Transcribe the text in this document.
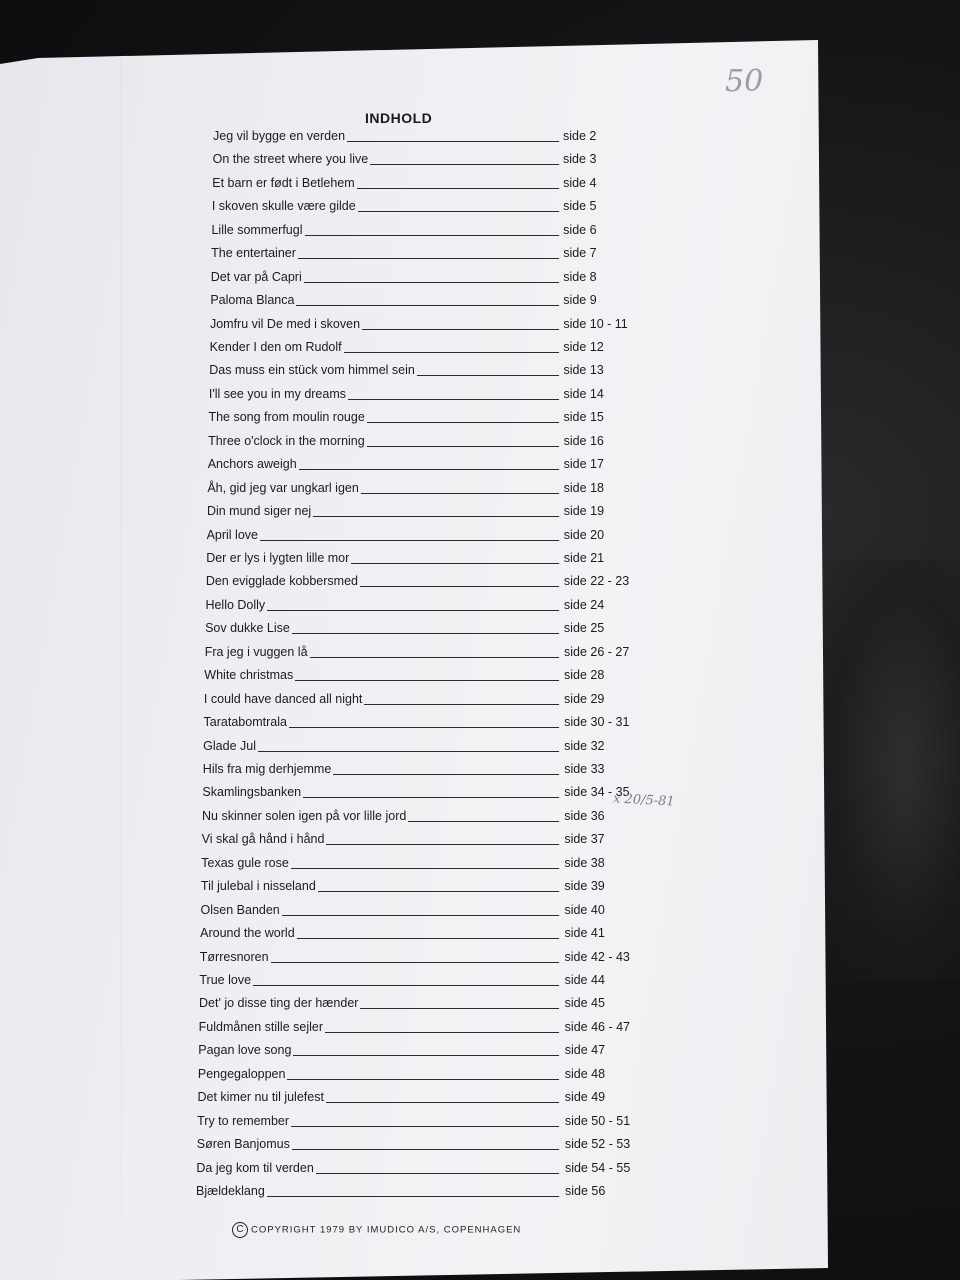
50
INDHOLD
Jeg vil bygge en verden	side 2
On the street where you live	side 3
Et barn er født i Betlehem	side 4
I skoven skulle være gilde	side 5
Lille sommerfugl	side 6
The entertainer	side 7
Det var på Capri	side 8
Paloma Blanca	side 9
Jomfru vil De med i skoven	side 10 - 11
Kender I den om Rudolf	side 12
Das muss ein stück vom himmel sein	side 13
I'll see you in my dreams	side 14
The song from moulin rouge	side 15
Three o'clock in the morning	side 16
Anchors aweigh	side 17
Åh, gid jeg var ungkarl igen	side 18
Din mund siger nej	side 19
April love	side 20
Der er lys i lygten lille mor	side 21
Den evigglade kobbersmed	side 22 - 23
Hello Dolly	side 24
Sov dukke Lise	side 25
Fra jeg i vuggen lå	side 26 - 27
White christmas	side 28
I could have danced all night	side 29
Taratabomtrala	side 30 - 31
Glade Jul	side 32
Hils fra mig derhjemme	side 33
Skamlingsbanken	side 34 - 35
Nu skinner solen igen på vor lille jord	side 36
Vi skal gå hånd i hånd	side 37
Texas gule rose	side 38
Til julebal i nisseland	side 39
Olsen Banden	side 40
Around the world	side 41
Tørresnoren	side 42 - 43
True love	side 44
Det' jo disse ting der hænder	side 45
Fuldmånen stille sejler	side 46 - 47
Pagan love song	side 47
Pengegaloppen	side 48
Det kimer nu til julefest	side 49
Try to remember	side 50 - 51
Søren Banjomus	side 52 - 53
Da jeg kom til verden	side 54 - 55
Bjældeklang	side 56
x 20/5-81
C COPYRIGHT 1979 BY IMUDICO A/S, COPENHAGEN
